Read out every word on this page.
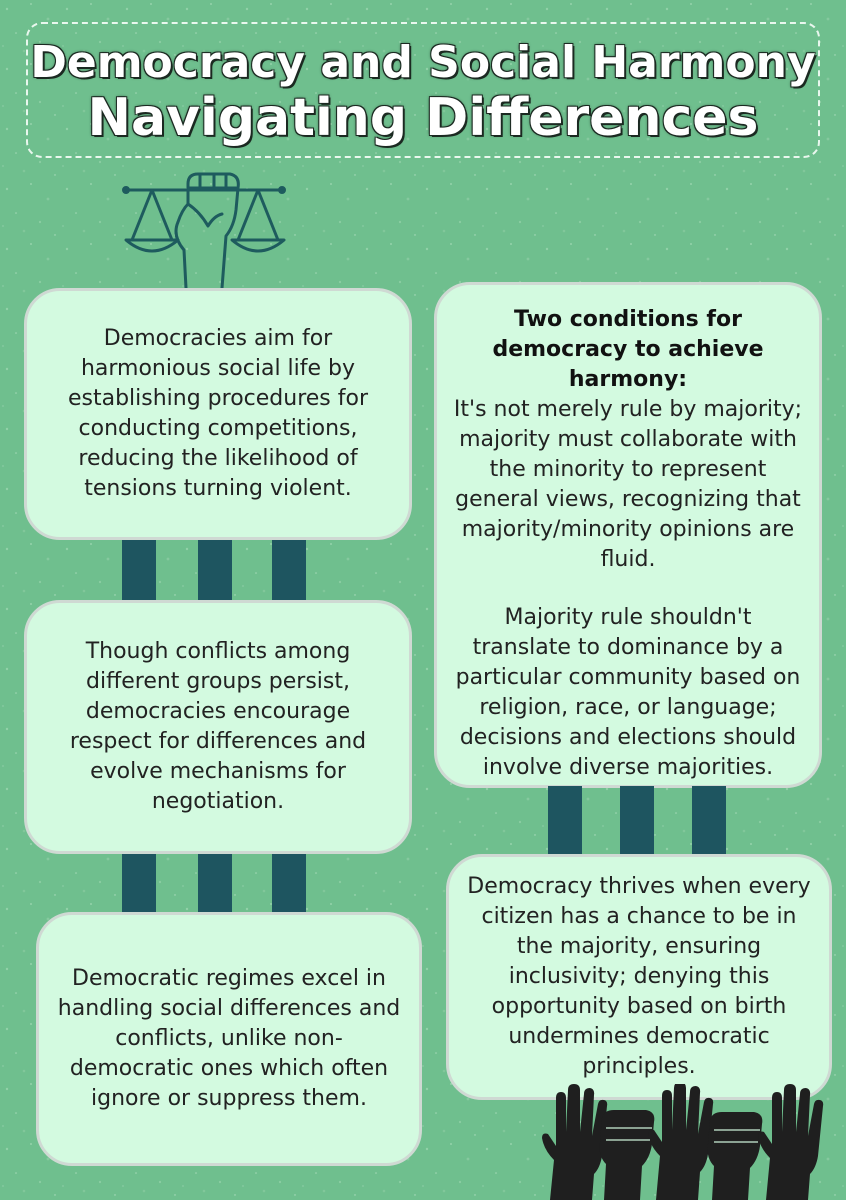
Democracy and Social Harmony
Navigating Differences

Democracies aim for harmonious social life by establishing procedures for conducting competitions, reducing the likelihood of tensions turning violent.

Though conflicts among different groups persist, democracies encourage respect for differences and evolve mechanisms for negotiation.

Democratic regimes excel in handling social differences and conflicts, unlike non-democratic ones which often ignore or suppress them.

Two conditions for democracy to achieve harmony:

It's not merely rule by majority; majority must collaborate with the minority to represent general views, recognizing that majority/minority opinions are fluid.

Majority rule shouldn't translate to dominance by a particular community based on religion, race, or language; decisions and elections should involve diverse majorities.

Democracy thrives when every citizen has a chance to be in the majority, ensuring inclusivity; denying this opportunity based on birth undermines democratic principles.
